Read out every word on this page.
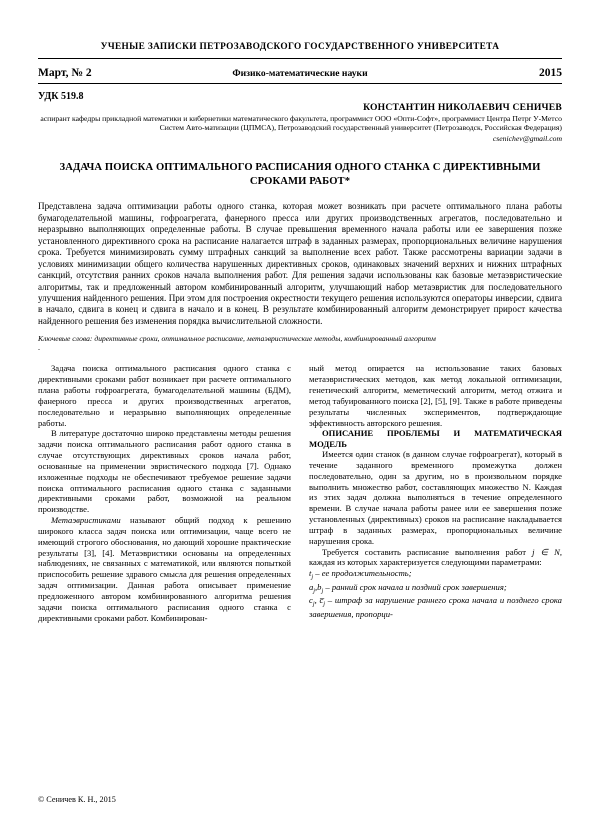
УЧЕНЫЕ ЗАПИСКИ ПЕТРОЗАВОДСКОГО ГОСУДАРСТВЕННОГО УНИВЕРСИТЕТА
Март, № 2	Физико-математические науки	2015
УДК 519.8
КОНСТАНТИН НИКОЛАЕВИЧ СЕНИЧЕВ
аспирант кафедры прикладной математики и кибернетики математического факультета, программист ООО «Опти-Софт», программист Центра Петрr У-Метсо Систем Авто-матизации (ЦПМСА), Петрозаводский государственный университет (Петрозаводск, Российская Федерация)
csenichev@gmail.com
ЗАДАЧА ПОИСКА ОПТИМАЛЬНОГО РАСПИСАНИЯ ОДНОГО СТАНКА С ДИРЕКТИВНЫМИ СРОКАМИ РАБОТ*
Представлена задача оптимизации работы одного станка, которая может возникать при расчете оптимального плана работы бумагоделательной машины, гофроагрегата, фанерного пресса или других производственных агрегатов, последовательно и неразрывно выполняющих определенные работы. В случае превышения временного начала работы или ее завершения позже установленного директивного срока на расписание налагается штраф в заданных размерах, пропорциональных величине нарушения срока. Требуется минимизировать сумму штрафных санкций за выполнение всех работ. Также рассмотрены вариации задачи в условиях минимизации общего количества нарушенных директивных сроков, одинаковых значений верхних и нижних штрафных санкций, отсутствия ранних сроков начала выполнения работ. Для решения задачи использованы как базовые метаэвристические алгоритмы, так и предложенный автором комбинированный алгоритм, улучшающий набор метаэвристик для последовательного улучшения найденного решения. При этом для построения окрестности текущего решения используются операторы инверсии, сдвига в начало, сдвига в конец и сдвига в начало и в конец. В результате комбинированный алгоритм демонстрирует прирост качества найденного решения без изменения порядка вычислительной сложности.
Ключевые слова: директивные сроки, оптимальное расписание, метаэвристические методы, комбинированный алгоритм
.

Задача поиска оптимального расписания одного станка с директивными сроками работ возникает при расчете оптимального плана работы гофроагрегата, бумагоделательной машины (БДМ), фанерного пресса и других производственных агрегатов, последовательно и неразрывно выполняющих определенные работы.

В литературе достаточно широко представлены методы решения задачи поиска оптимального расписания работ одного станка в случае отсутствующих директивных сроков начала работ, основанные на применении эвристического подхода [7]. Однако изложенные подходы не обеспечивают требуемое решение задачи поиска оптимального расписания одного станка с заданными директивными сроками работ, возможной на реальном производстве.

Метаэвристиками называют общий подход к решению широкого класса задач поиска или оптимизации, чаще всего не имеющий строгого обоснования, но дающий хорошие практические результаты [3], [4]. Метаэвристики основаны на определенных наблюдениях, не связанных с математикой, или являются попыткой приспособить решение здравого смысла для решения определенных задач оптимизации. Данная работа описывает применение предложенного автором комбинированного алгоритма решения задачи поиска оптимального расписания одного станка с директивными сроками работ. Комбинирован-

ный метод опирается на использование таких базовых метаэвристических методов, как метод локальной оптимизации, генетический алгоритм, меметический алгоритм, метод отжига и метод табуированного поиска [2], [5], [9]. Также в работе приведены результаты численных экспериментов, подтверждающие эффективность авторского решения.

ОПИСАНИЕ ПРОБЛЕМЫ И МАТЕМАТИЧЕСКАЯ МОДЕЛЬ

Имеется один станок (в данном случае гофроагрегат), который в течение заданного временного промежутка должен последовательно, один за другим, но в произвольном порядке выполнить множество работ, составляющих множество N. Каждая из этих задач должна выполняться в течение определенного времени. В случае начала работы ранее или ее завершения позже установленных (директивных) сроков на расписание накладывается штраф в заданных размерах, пропорциональных величине нарушения срока.

Требуется составить расписание выполнения работ j ∈ N, каждая из которых характеризуется следующими параметрами:

$t_j$ – ее продолжительность;

$a_j,b_j$ – ранний срок начала и поздний срок завершения;

$c_j$, $c̅_j$ – штраф за нарушение раннего срока начала и позднего срока завершения, пропорци-

© Сеничев К. Н., 2015
